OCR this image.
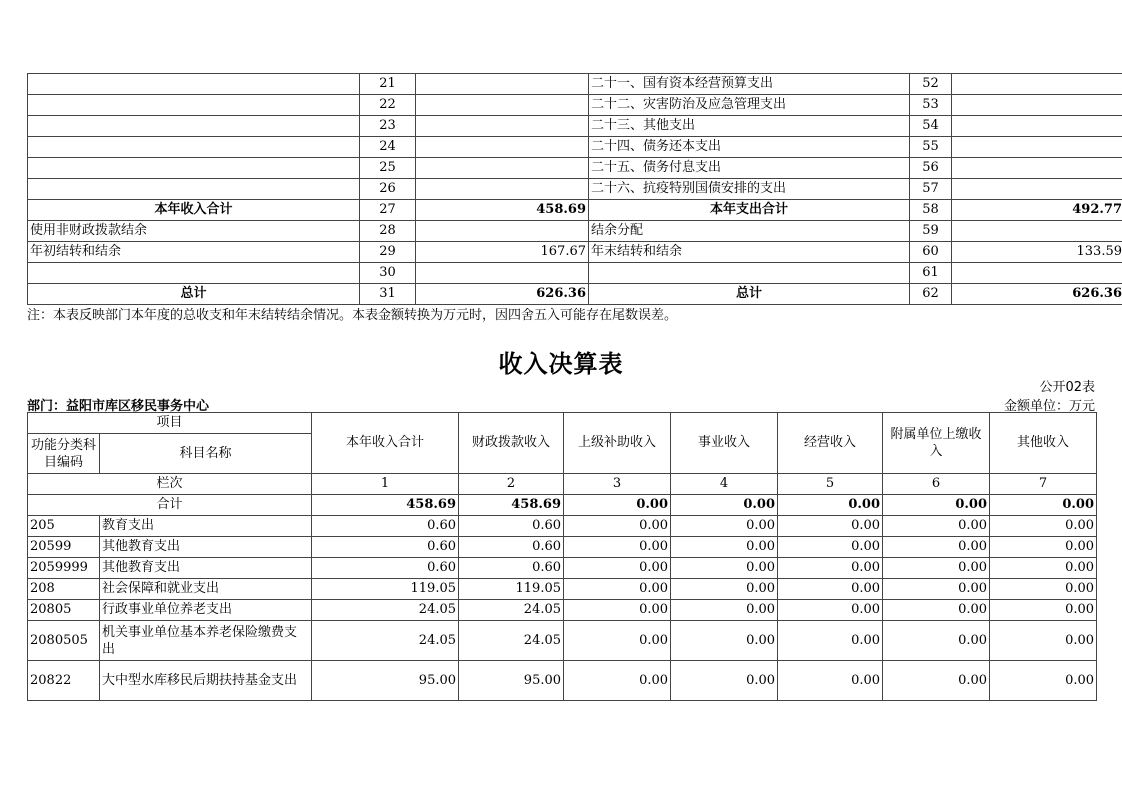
	21		二十一、国有资本经营预算支出	52	
	22		二十二、灾害防治及应急管理支出	53	
	23		二十三、其他支出	54	
	24		二十四、债务还本支出	55	
	25		二十五、债务付息支出	56	
	26		二十六、抗疫特别国债安排的支出	57	
本年收入合计	27	458.69	本年支出合计	58	492.77
使用非财政拨款结余	28		结余分配	59	
年初结转和结余	29	167.67	年末结转和结余	60	133.59
	30			61	
总计	31	626.36	总计	62	626.36
注：本表反映部门本年度的总收支和年末结转结余情况。本表金额转换为万元时，因四舍五入可能存在尾数误差。
收入决算表
公开02表
部门：益阳市库区移民事务中心	金额单位：万元
项目		本年收入合计	财政拨款收入	上级补助收入	事业收入	经营收入	附属单位上缴收入	其他收入
功能分类科目编码	科目名称							
栏次		1	2	3	4	5	6	7
合计		458.69	458.69	0.00	0.00	0.00	0.00	0.00
205	教育支出	0.60	0.60	0.00	0.00	0.00	0.00	0.00
20599	其他教育支出	0.60	0.60	0.00	0.00	0.00	0.00	0.00
2059999	其他教育支出	0.60	0.60	0.00	0.00	0.00	0.00	0.00
208	社会保障和就业支出	119.05	119.05	0.00	0.00	0.00	0.00	0.00
20805	行政事业单位养老支出	24.05	24.05	0.00	0.00	0.00	0.00	0.00
2080505	机关事业单位基本养老保险缴费支出	24.05	24.05	0.00	0.00	0.00	0.00	0.00
20822	大中型水库移民后期扶持基金支出	95.00	95.00	0.00	0.00	0.00	0.00	0.00
